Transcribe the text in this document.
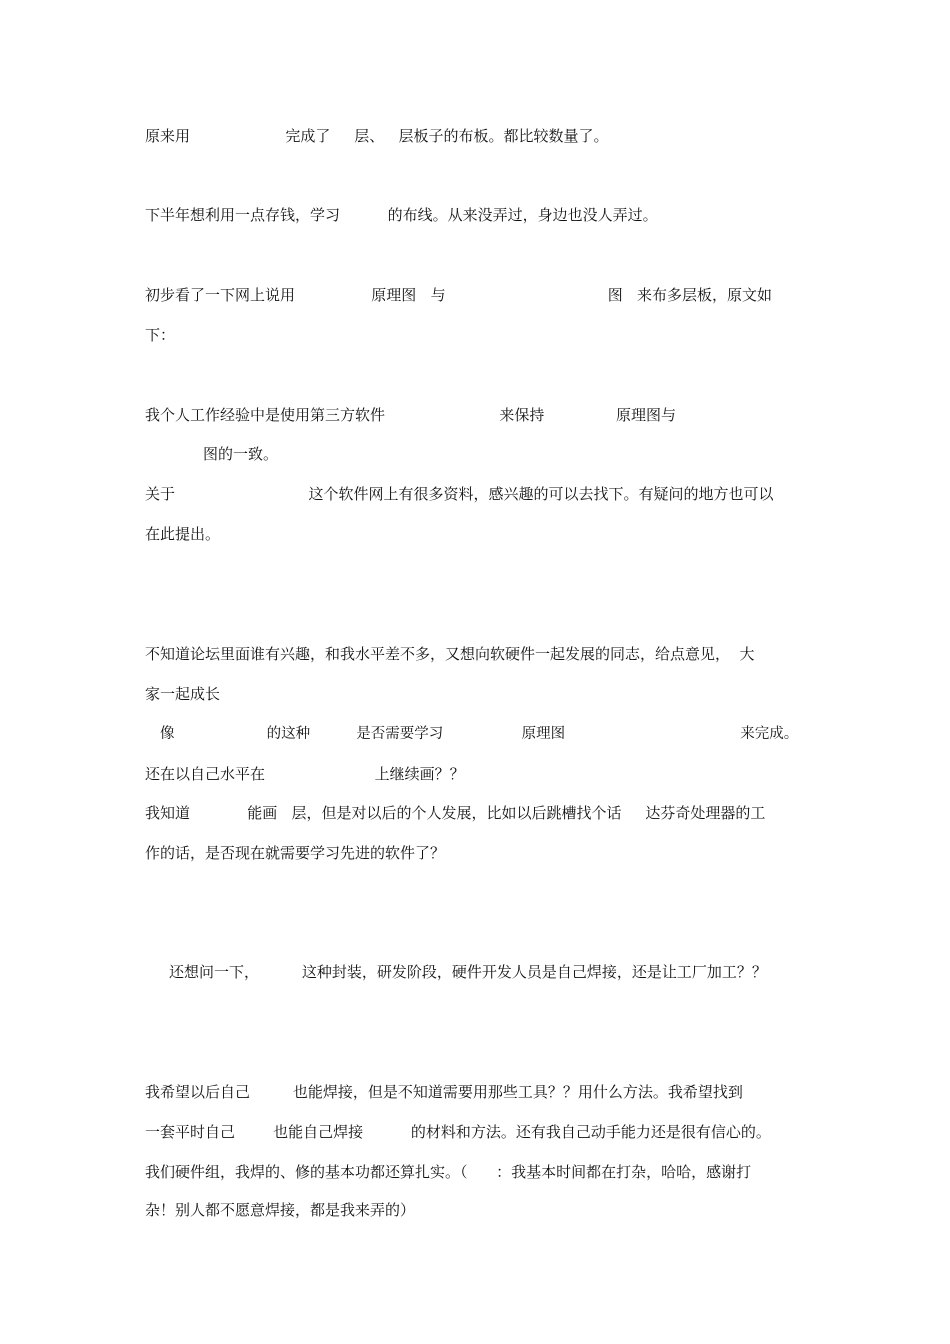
原来用                    完成了     层、   层板子的布板。都比较数量了。
下半年想利用一点存钱，学习          的布线。从来没弄过，身边也没人弄过。
初步看了一下网上说用                原理图   与                                  图   来布多层板，原文如
下：
我个人工作经验中是使用第三方软件                        来保持               原理图与
图的一致。
关于                            这个软件网上有很多资料，感兴趣的可以去找下。有疑问的地方也可以
在此提出。
不知道论坛里面谁有兴趣，和我水平差不多，又想向软硬件一起发展的同志，给点意见，  大
家一起成长
像                    的这种          是否需要学习                 原理图                                      来完成。
还在以自己水平在                       上继续画？？
我知道            能画   层，但是对以后的个人发展，比如以后跳槽找个话     达芬奇处理器的工
作的话，是否现在就需要学习先进的软件了？
还想问一下，         这种封装，研发阶段，硬件开发人员是自己焊接，还是让工厂加工？？
我希望以后自己         也能焊接，但是不知道需要用那些工具？？用什么方法。我希望找到
一套平时自己        也能自己焊接          的材料和方法。还有我自己动手能力还是很有信心的。
我们硬件组，我焊的、修的基本功都还算扎实。（      ：我基本时间都在打杂，哈哈，感谢打
杂！别人都不愿意焊接，都是我来弄的）
